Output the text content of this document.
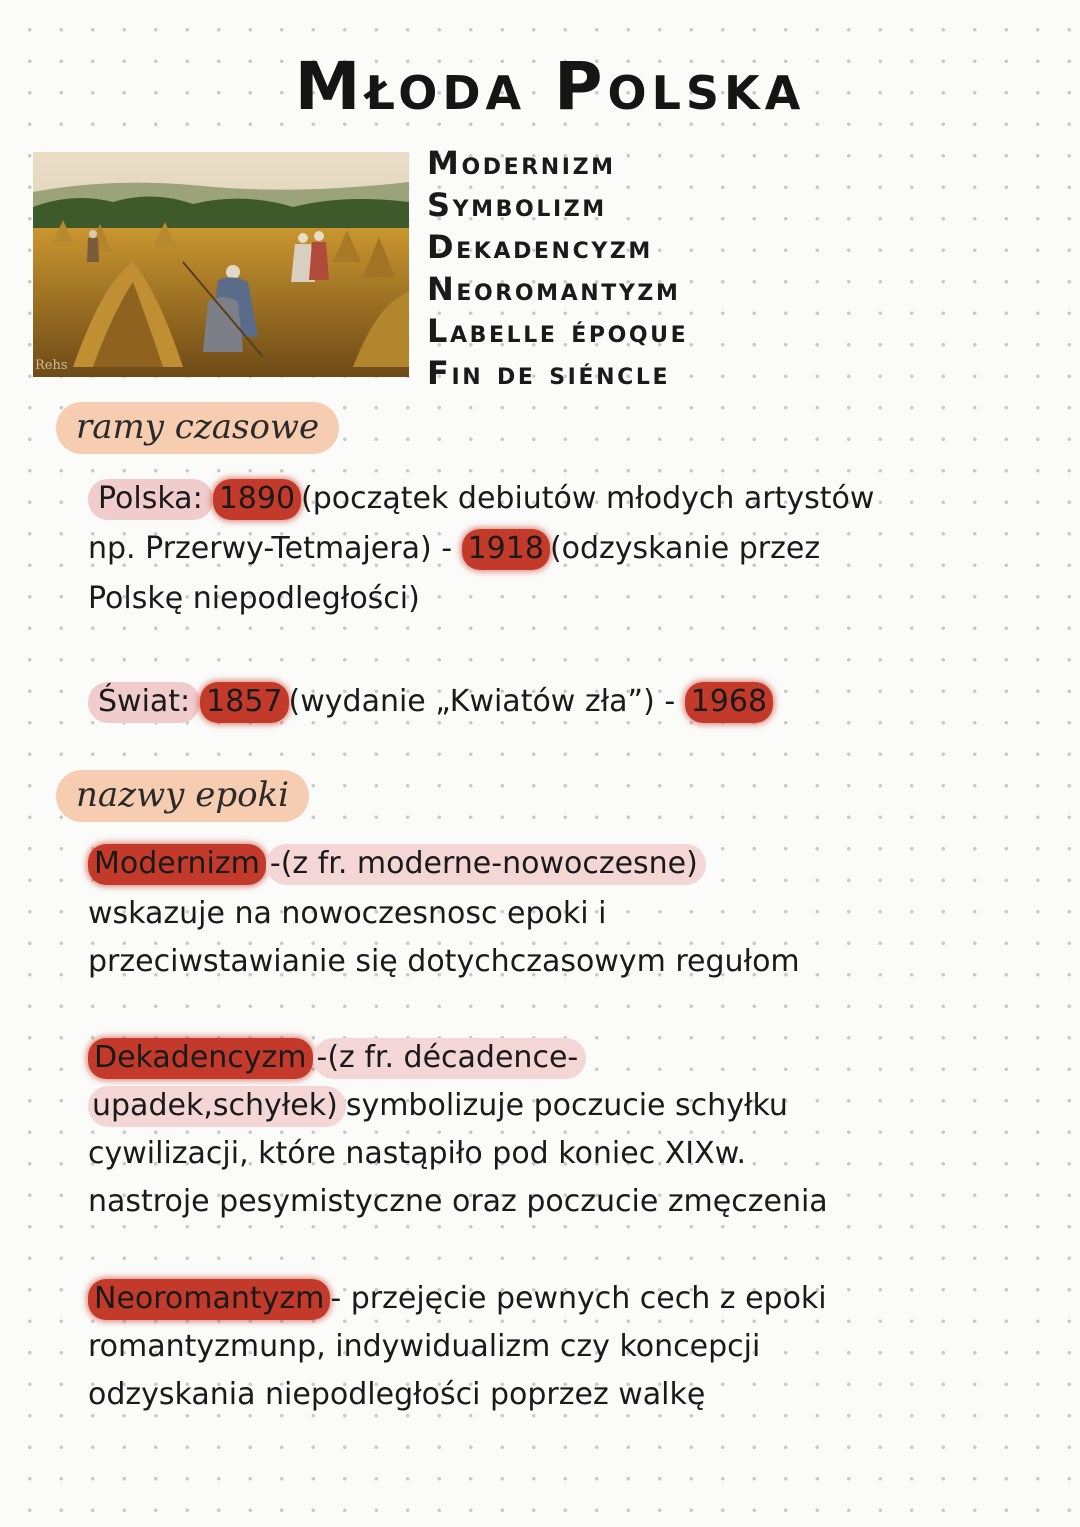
Młoda Polska
Rehs
Modernizm
Symbolizm
Dekadencyzm
Neoromantyzm
Labelle époque
Fin de siéncle
ramy czasowe
Polska: 1890 (początek debiutów młodych artystów
np. Przerwy-Tetmajera) - 1918 (odzyskanie przez
Polskę niepodległości)
Świat: 1857 (wydanie „Kwiatów zła”) - 1968
nazwy epoki
Modernizm -(z fr. moderne-nowoczesne)
wskazuje na nowoczesnosc epoki i
przeciwstawianie się dotychczasowym regułom
Dekadencyzm -(z fr. décadence-
upadek,schyłek) symbolizuje poczucie schyłku
cywilizacji, które nastąpiło pod koniec XIXw.
nastroje pesymistyczne oraz poczucie zmęczenia
Neoromantyzm - przejęcie pewnych cech z epoki
romantyzmunp, indywidualizm czy koncepcji
odzyskania niepodległości poprzez walkę
